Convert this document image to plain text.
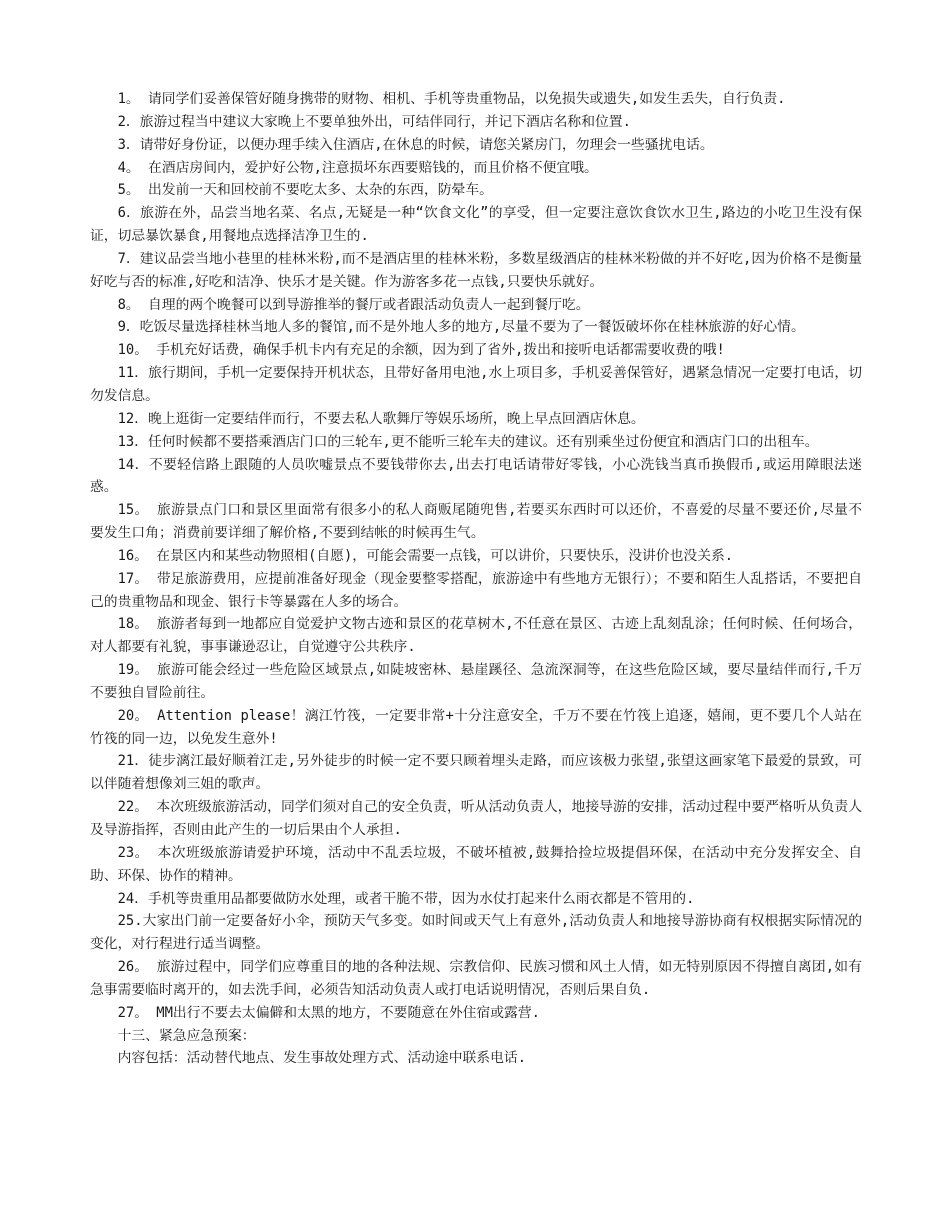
1。 请同学们妥善保管好随身携带的财物、相机、手机等贵重物品，以免损失或遗失,如发生丢失，自行负责.

2．旅游过程当中建议大家晚上不要单独外出，可结伴同行，并记下酒店名称和位置.

3．请带好身份证，以便办理手续入住酒店,在休息的时候，请您关紧房门，勿理会一些骚扰电话。

4。 在酒店房间内，爱护好公物,注意损坏东西要赔钱的，而且价格不便宜哦。

5。 出发前一天和回校前不要吃太多、太杂的东西，防晕车。

6．旅游在外，品尝当地名菜、名点,无疑是一种“饮食文化”的享受，但一定要注意饮食饮水卫生,路边的小吃卫生没有保证，切忌暴饮暴食,用餐地点选择洁净卫生的.

7．建议品尝当地小巷里的桂林米粉,而不是酒店里的桂林米粉，多数星级酒店的桂林米粉做的并不好吃,因为价格不是衡量好吃与否的标准,好吃和洁净、快乐才是关键。作为游客多花一点钱,只要快乐就好。

8。 自理的两个晚餐可以到导游推举的餐厅或者跟活动负责人一起到餐厅吃。

9．吃饭尽量选择桂林当地人多的餐馆,而不是外地人多的地方,尽量不要为了一餐饭破坏你在桂林旅游的好心情。

10。 手机充好话费，确保手机卡内有充足的余额，因为到了省外,拨出和接听电话都需要收费的哦!

11．旅行期间，手机一定要保持开机状态，且带好备用电池,水上项目多，手机妥善保管好，遇紧急情况一定要打电话，切勿发信息。

12．晚上逛街一定要结伴而行，不要去私人歌舞厅等娱乐场所，晚上早点回酒店休息。

13．任何时候都不要搭乘酒店门口的三轮车,更不能听三轮车夫的建议。还有别乘坐过份便宜和酒店门口的出租车。

14．不要轻信路上跟随的人员吹嘘景点不要钱带你去,出去打电话请带好零钱，小心洗钱当真币换假币,或运用障眼法迷惑。

15。 旅游景点门口和景区里面常有很多小的私人商贩尾随兜售,若要买东西时可以还价，不喜爱的尽量不要还价,尽量不要发生口角；消费前要详细了解价格,不要到结帐的时候再生气。

16。 在景区内和某些动物照相(自愿)，可能会需要一点钱，可以讲价，只要快乐，没讲价也没关系.

17。 带足旅游费用，应提前准备好现金（现金要整零搭配，旅游途中有些地方无银行）；不要和陌生人乱搭话，不要把自己的贵重物品和现金、银行卡等暴露在人多的场合。

18。 旅游者每到一地都应自觉爱护文物古迹和景区的花草树木,不任意在景区、古迹上乱刻乱涂；任何时候、任何场合，对人都要有礼貌，事事谦逊忍让，自觉遵守公共秩序.

19。 旅游可能会经过一些危险区域景点,如陡坡密林、悬崖蹊径、急流深洞等，在这些危险区域，要尽量结伴而行,千万不要独自冒险前往。

20。 Attention please！漓江竹筏，一定要非常+十分注意安全，千万不要在竹筏上追逐，嬉闹，更不要几个人站在竹筏的同一边，以免发生意外!

21．徒步漓江最好顺着江走,另外徒步的时候一定不要只顾着埋头走路，而应该极力张望,张望这画家笔下最爱的景致，可以伴随着想像刘三姐的歌声。

22。 本次班级旅游活动，同学们须对自己的安全负责，听从活动负责人，地接导游的安排，活动过程中要严格听从负责人及导游指挥，否则由此产生的一切后果由个人承担.

23。 本次班级旅游请爱护环境，活动中不乱丢垃圾，不破坏植被,鼓舞拾捡垃圾提倡环保，在活动中充分发挥安全、自助、环保、协作的精神。

24．手机等贵重用品都要做防水处理，或者干脆不带，因为水仗打起来什么雨衣都是不管用的.

25.大家出门前一定要备好小伞，预防天气多变。如时间或天气上有意外,活动负责人和地接导游协商有权根据实际情况的变化，对行程进行适当调整。

26。 旅游过程中，同学们应尊重目的地的各种法规、宗教信仰、民族习惯和风土人情，如无特别原因不得擅自离团,如有急事需要临时离开的，如去洗手间，必须告知活动负责人或打电话说明情况，否则后果自负.

27。 MM出行不要去太偏僻和太黑的地方，不要随意在外住宿或露营.

十三、紧急应急预案：

内容包括：活动替代地点、发生事故处理方式、活动途中联系电话.
